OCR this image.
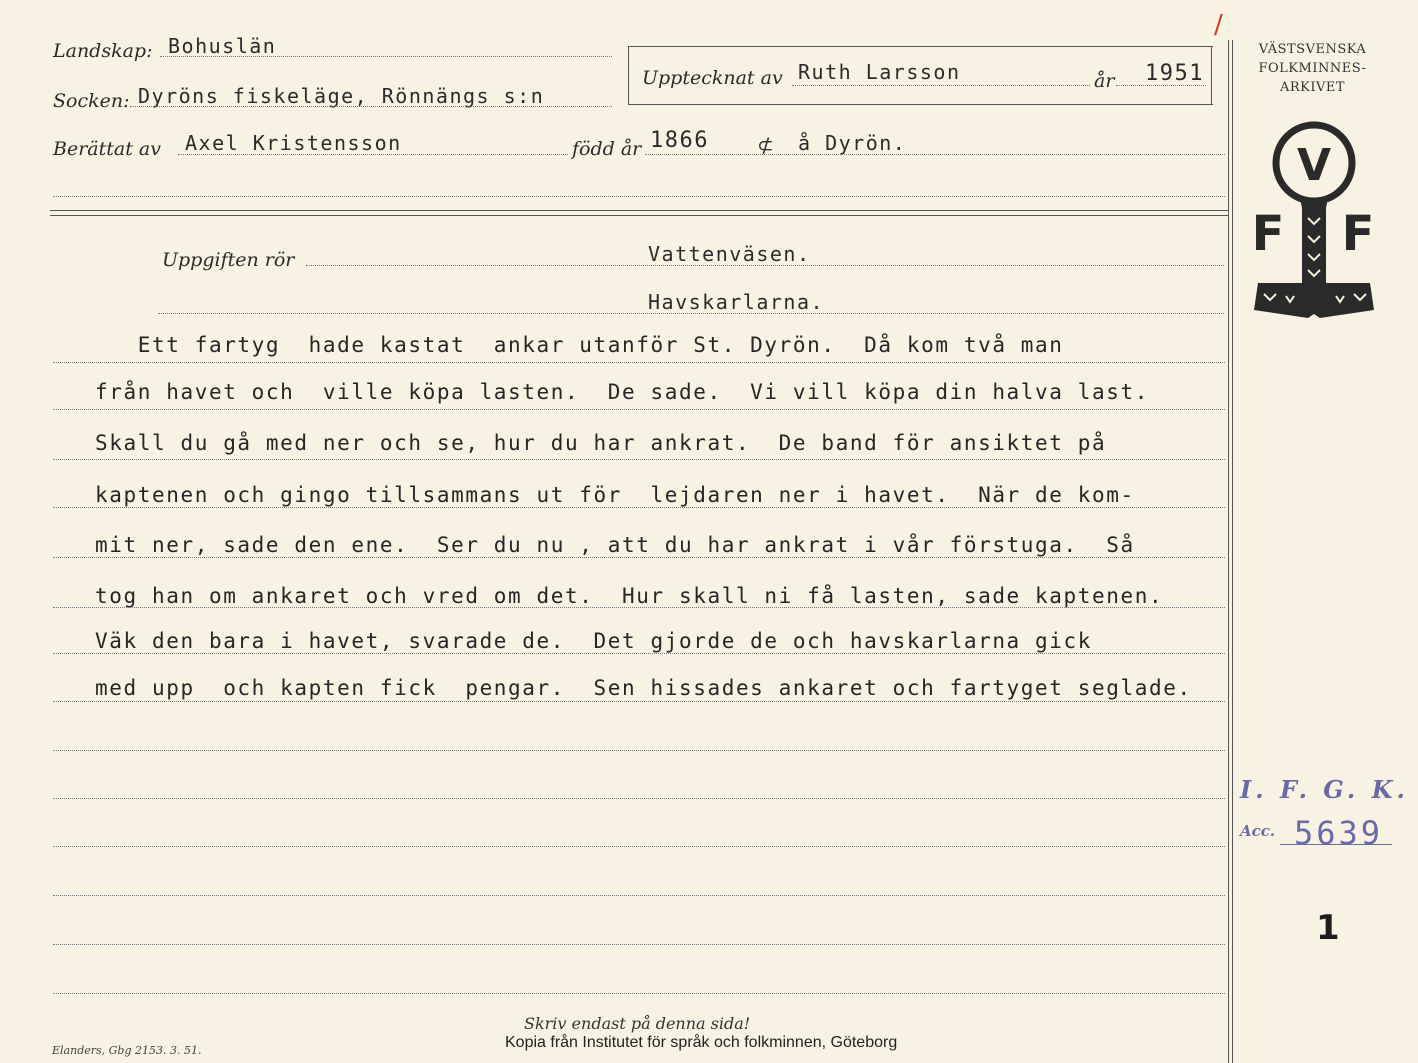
Landskap: Bohuslän
Socken: Dyröns fiskeläge, Rönnängs s:n
Upptecknat av Ruth Larsson	år 1951
/
Berättat av Axel Kristensson	född år 1866 ⊄ å Dyrön.
Uppgiften rör	Vattenväsen.
Havskarlarna.
Ett fartyg  hade kastat  ankar utanför St. Dyrön.  Då kom två man
från havet och  ville köpa lasten.  De sade.  Vi vill köpa din halva last.
Skall du gå med ner och se, hur du har ankrat.  De band för ansiktet på
kaptenen och gingo tillsammans ut för  lejdaren ner i havet.  När de kom-
mit ner, sade den ene.  Ser du nu , att du har ankrat i vår förstuga.  Så
tog han om ankaret och vred om det.  Hur skall ni få lasten, sade kaptenen.
Väk den bara i havet, svarade de.  Det gjorde de och havskarlarna gick
med upp  och kapten fick  pengar.  Sen hissades ankaret och fartyget seglade.
VÄSTSVENSKA
FOLKMINNES-
ARKIVET
V
F F
I. F. G. K.
Acc. 5639
1
Skriv endast på denna sida!
Elanders, Gbg 2153. 3. 51.	Kopia från Institutet för språk och folkminnen, Göteborg
